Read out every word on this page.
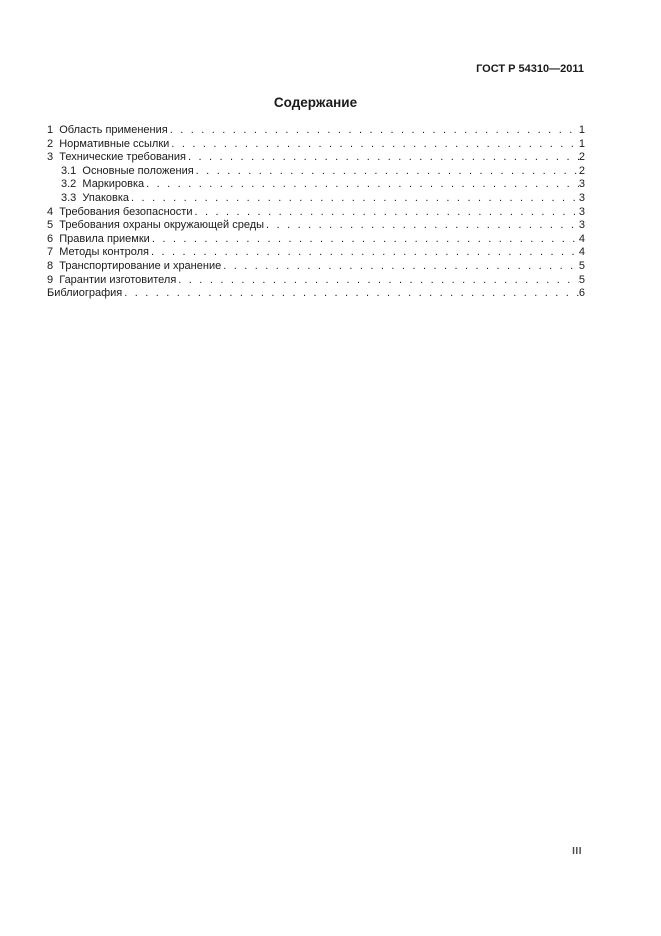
ГОСТ Р 54310—2011
Содержание
1  Область применения . . .	1
2  Нормативные ссылки . . .	1
3  Технические требования . . .	2
3.1  Основные положения . . .	2
3.2  Маркировка . . .	3
3.3  Упаковка . . .	3
4  Требования безопасности . . .	3
5  Требования охраны окружающей среды . . .	3
6  Правила приемки . . .	4
7  Методы контроля . . .	4
8  Транспортирование и хранение . . .	5
9  Гарантии изготовителя . . .	5
Библиография . . .	6
III
